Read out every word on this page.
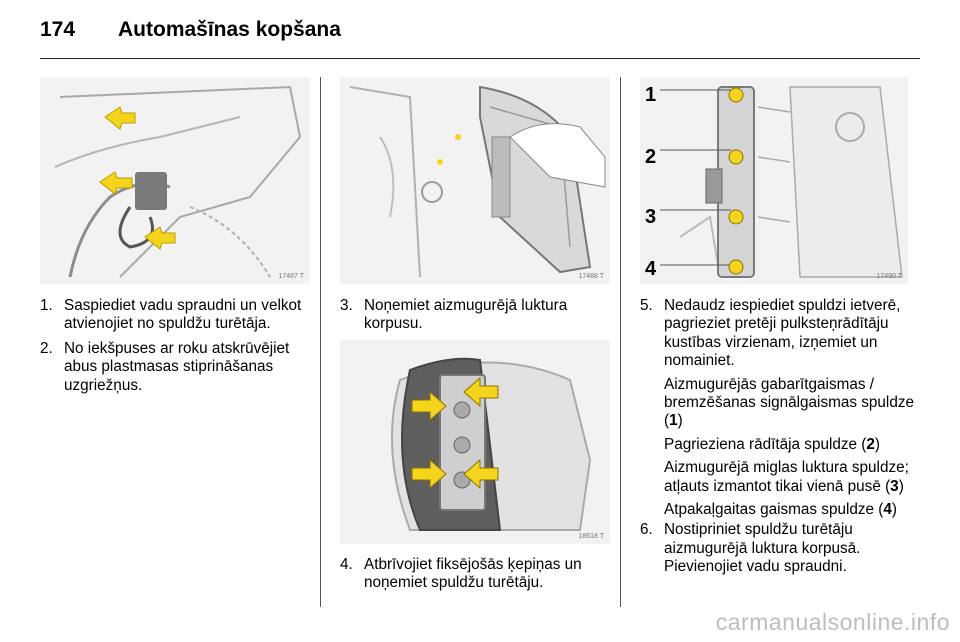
174 Automašīnas kopšana
17487 T	17488 T
1
2
3
4	17490 T
18618 T
1. Saspiediet vadu spraudni un velkot atvienojiet no spuldžu turētāja.

2. No iekšpuses ar roku atskrūvējiet abus plastmasas stiprināšanas uzgriežņus.

3. Noņemiet aizmugurējā luktura korpusu.

4. Atbrīvojiet fiksējošās ķepiņas un noņemiet spuldžu turētāju.

5. Nedaudz iespiediet spuldzi ietverē, pagrieziet pretēji pulksteņrādītāju kustības virzienam, izņemiet un nomainiet.

Aizmugurējās gabarītgaismas / bremzēšanas signālgaismas spuldze (1)

Pagrieziena rādītāja spuldze (2)

Aizmugurējā miglas luktura spuldze; atļauts izmantot tikai vienā pusē (3)

Atpakaļgaitas gaismas spuldze (4)

6. Nostipriniet spuldžu turētāju aizmugurējā luktura korpusā. Pievienojiet vadu spraudni.

carmanualsonline.info
